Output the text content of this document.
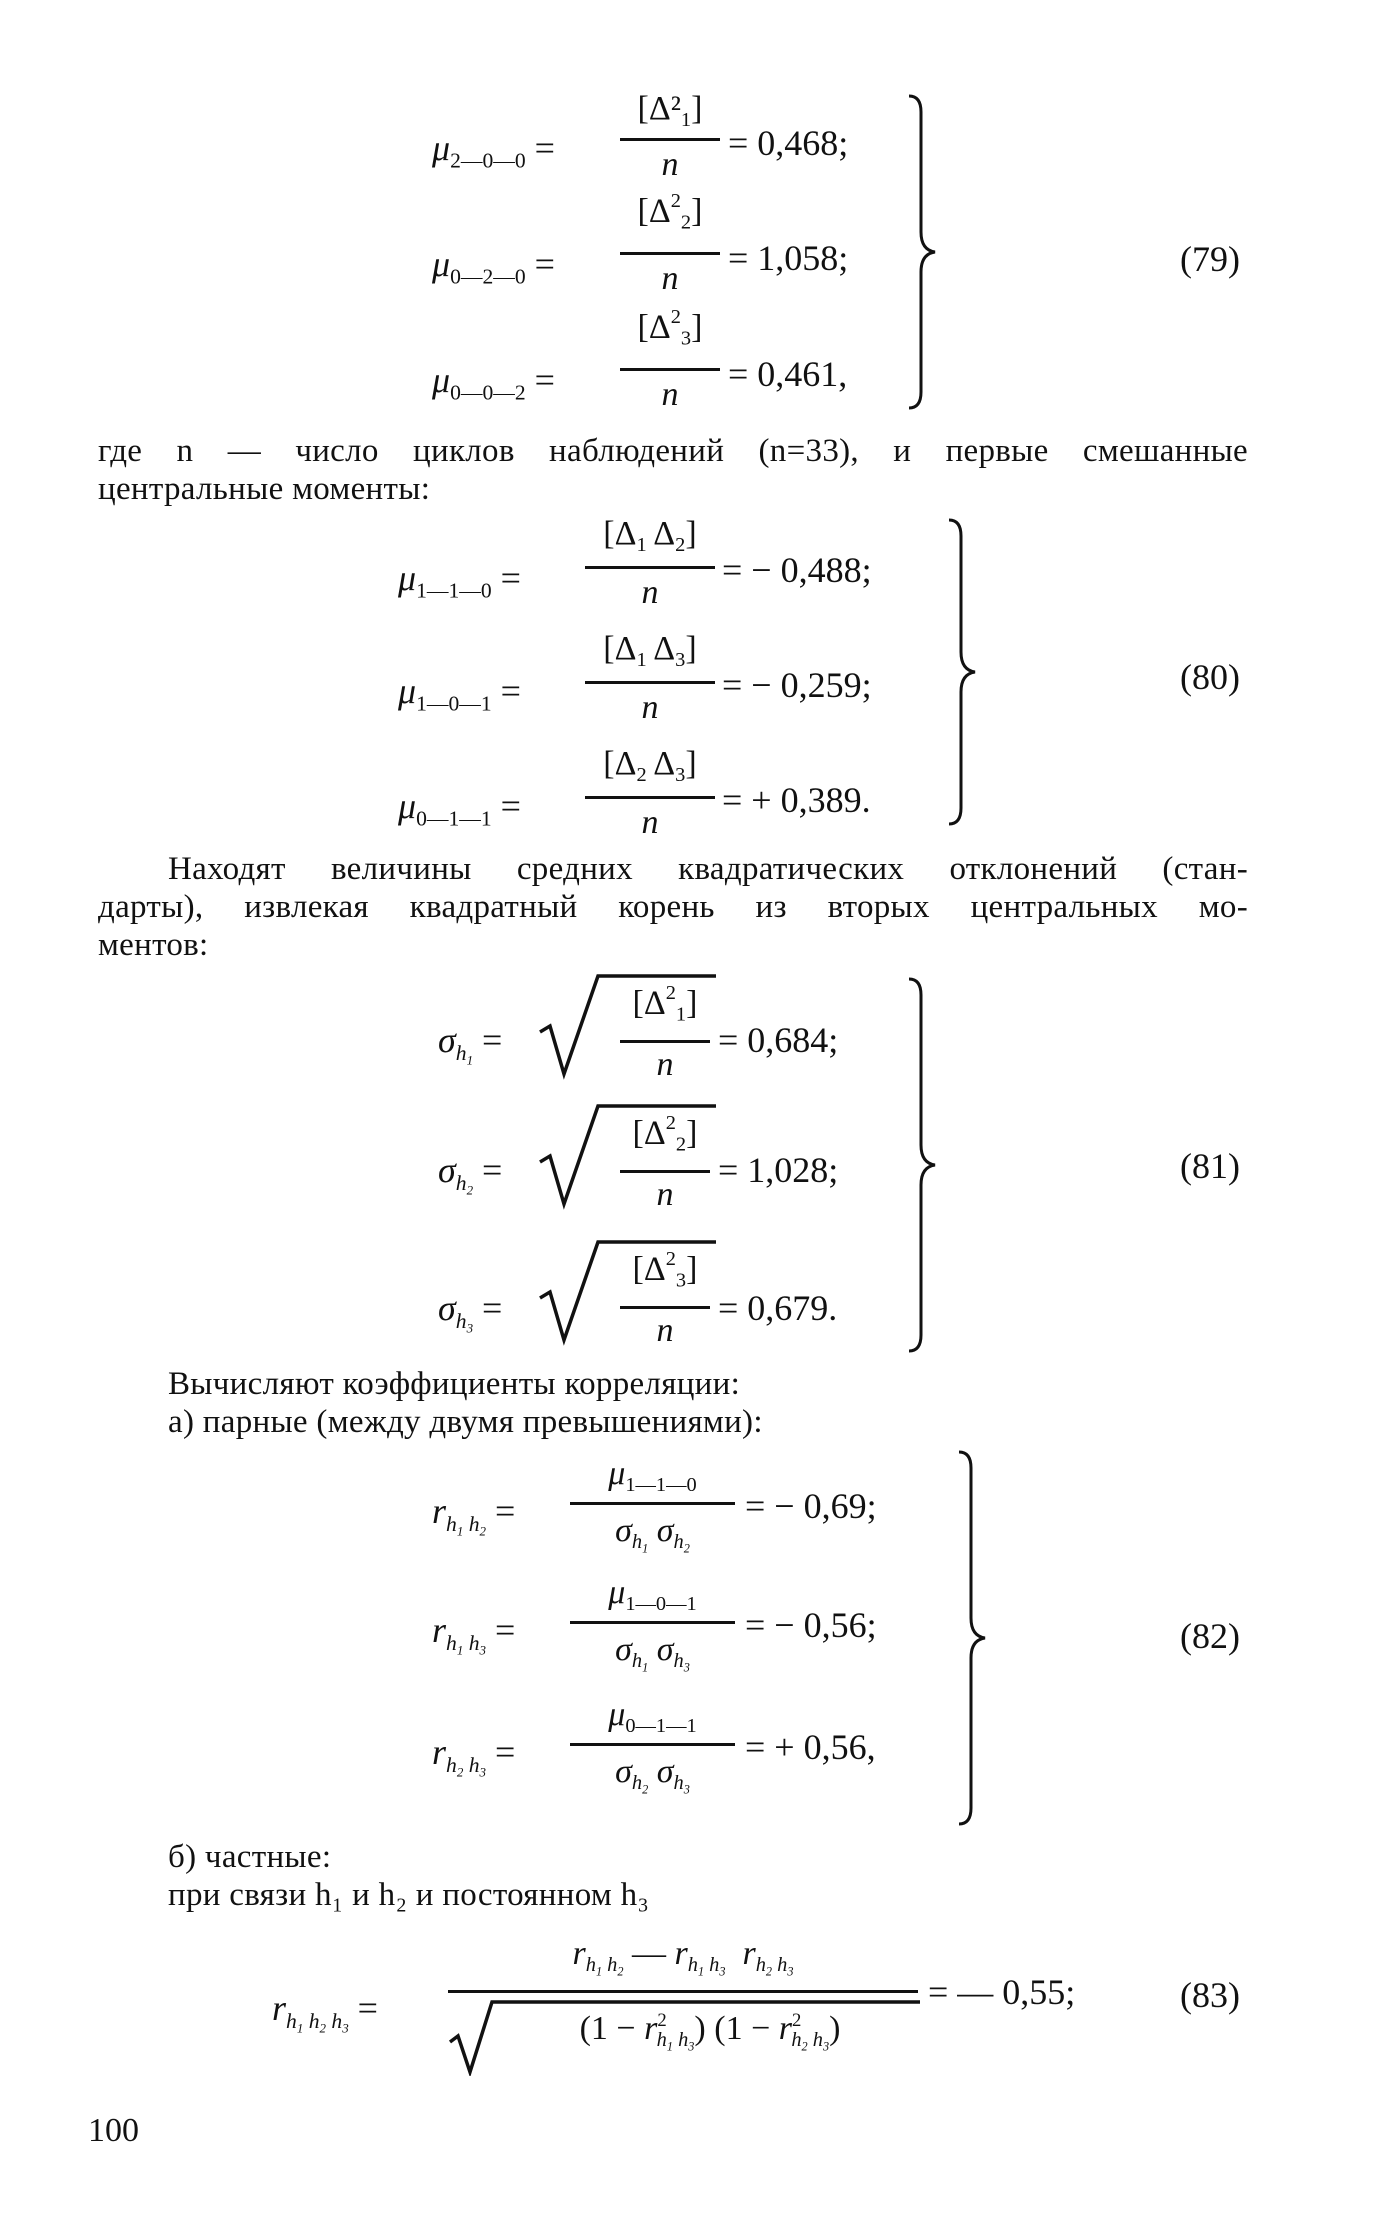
$\mu_{2—0—0}$ =
$[\Delta^2_1]$
n
= 0,468;
$\mu_{0—2—0}$ =
$[\Delta^2_2]$
n
= 1,058;
$\mu_{0—0—2}$ =
$[\Delta^2_3]$
n
= 0,461,
(79)
где n — число циклов наблюдений (n=33), и первые смешанные
центральные моменты:
$\mu_{1—1—0}$ =
[$\Delta_1$ $\Delta_2$]
n
= − 0,488;
$\mu_{1—0—1}$ =
[$\Delta_1$ $\Delta_3$]
n
= − 0,259;
$\mu_{0—1—1}$ =
[$\Delta_2$ $\Delta_3$]
n
= + 0,389.
(80)
Находят величины средних квадратических отклонений (стан-
дарты), извлекая квадратный корень из вторых центральных мо-
ментов:
$\sigma_{h_1}$ =
$[\Delta^2_1]$
n
= 0,684;
$\sigma_{h_2}$ =
$[\Delta^2_2]$
n
= 1,028;
$\sigma_{h_3}$ =
$[\Delta^2_3]$
n
= 0,679.
(81)
Вычисляют коэффициенты корреляции:
а) парные (между двумя превышениями):
$r_{h_1 h_2}$ =
$\mu_{1—1—0}$
$\sigma_{h_1}$ $\sigma_{h_2}$
= − 0,69;
$r_{h_1 h_3}$ =
$\mu_{1—0—1}$
$\sigma_{h_1}$ $\sigma_{h_3}$
= − 0,56;
$r_{h_2 h_3}$ =
$\mu_{0—1—1}$
$\sigma_{h_2}$ $\sigma_{h_3}$
= + 0,56,
(82)
б) частные:
при связи h₁ и h₂ и постоянном h₃
$r_{h_1 h_2 h_3}$ =
$r_{h_1 h_2}$ — $r_{h_1 h_3}$ $r_{h_2 h_3}$
$(1 - r^2_{h_1 h_3})$ $(1 - r^2_{h_2 h_3})$
= — 0,55;	(83)
100
